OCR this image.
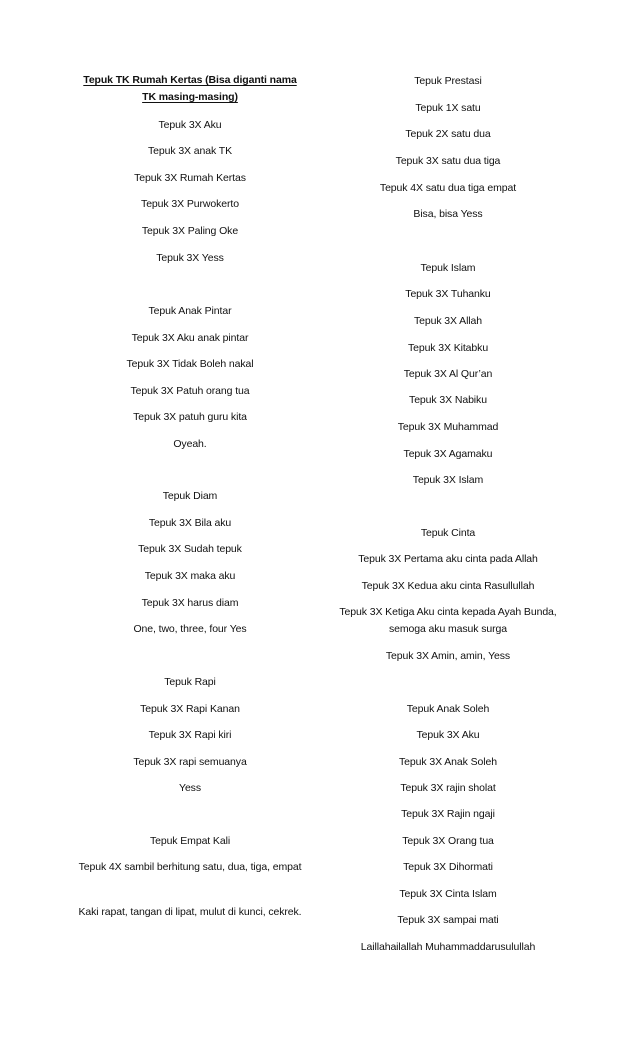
Tepuk TK Rumah Kertas (Bisa diganti nama TK masing-masing)
Tepuk 3X Aku
Tepuk 3X anak TK
Tepuk 3X Rumah Kertas
Tepuk 3X Purwokerto
Tepuk 3X Paling Oke
Tepuk 3X Yess
Tepuk Anak Pintar
Tepuk 3X Aku anak pintar
Tepuk 3X Tidak Boleh nakal
Tepuk 3X Patuh orang tua
Tepuk 3X patuh guru kita
Oyeah.
Tepuk Diam
Tepuk 3X Bila aku
Tepuk 3X Sudah tepuk
Tepuk 3X maka aku
Tepuk 3X harus diam
One, two, three, four Yes
Tepuk Rapi
Tepuk 3X Rapi Kanan
Tepuk 3X Rapi kiri
Tepuk 3X rapi semuanya
Yess
Tepuk Empat Kali
Tepuk 4X sambil berhitung satu, dua, tiga, empat
Kaki rapat, tangan di lipat, mulut di kunci, cekrek.
Tepuk Prestasi
Tepuk 1X satu
Tepuk 2X satu dua
Tepuk 3X satu dua tiga
Tepuk 4X satu dua tiga empat
Bisa, bisa Yess
Tepuk Islam
Tepuk 3X Tuhanku
Tepuk 3X Allah
Tepuk 3X Kitabku
Tepuk 3X Al Qur’an
Tepuk 3X Nabiku
Tepuk 3X Muhammad
Tepuk 3X Agamaku
Tepuk 3X Islam
Tepuk Cinta
Tepuk 3X Pertama aku cinta pada Allah
Tepuk 3X Kedua aku cinta Rasullullah
Tepuk 3X Ketiga Aku cinta kepada Ayah Bunda, semoga aku masuk surga
Tepuk 3X Amin, amin, Yess
Tepuk Anak Soleh
Tepuk 3X Aku
Tepuk 3X Anak Soleh
Tepuk 3X rajin sholat
Tepuk 3X Rajin ngaji
Tepuk 3X Orang tua
Tepuk 3X Dihormati
Tepuk 3X Cinta Islam
Tepuk 3X sampai mati
Laillahailallah Muhammaddarusulullah
